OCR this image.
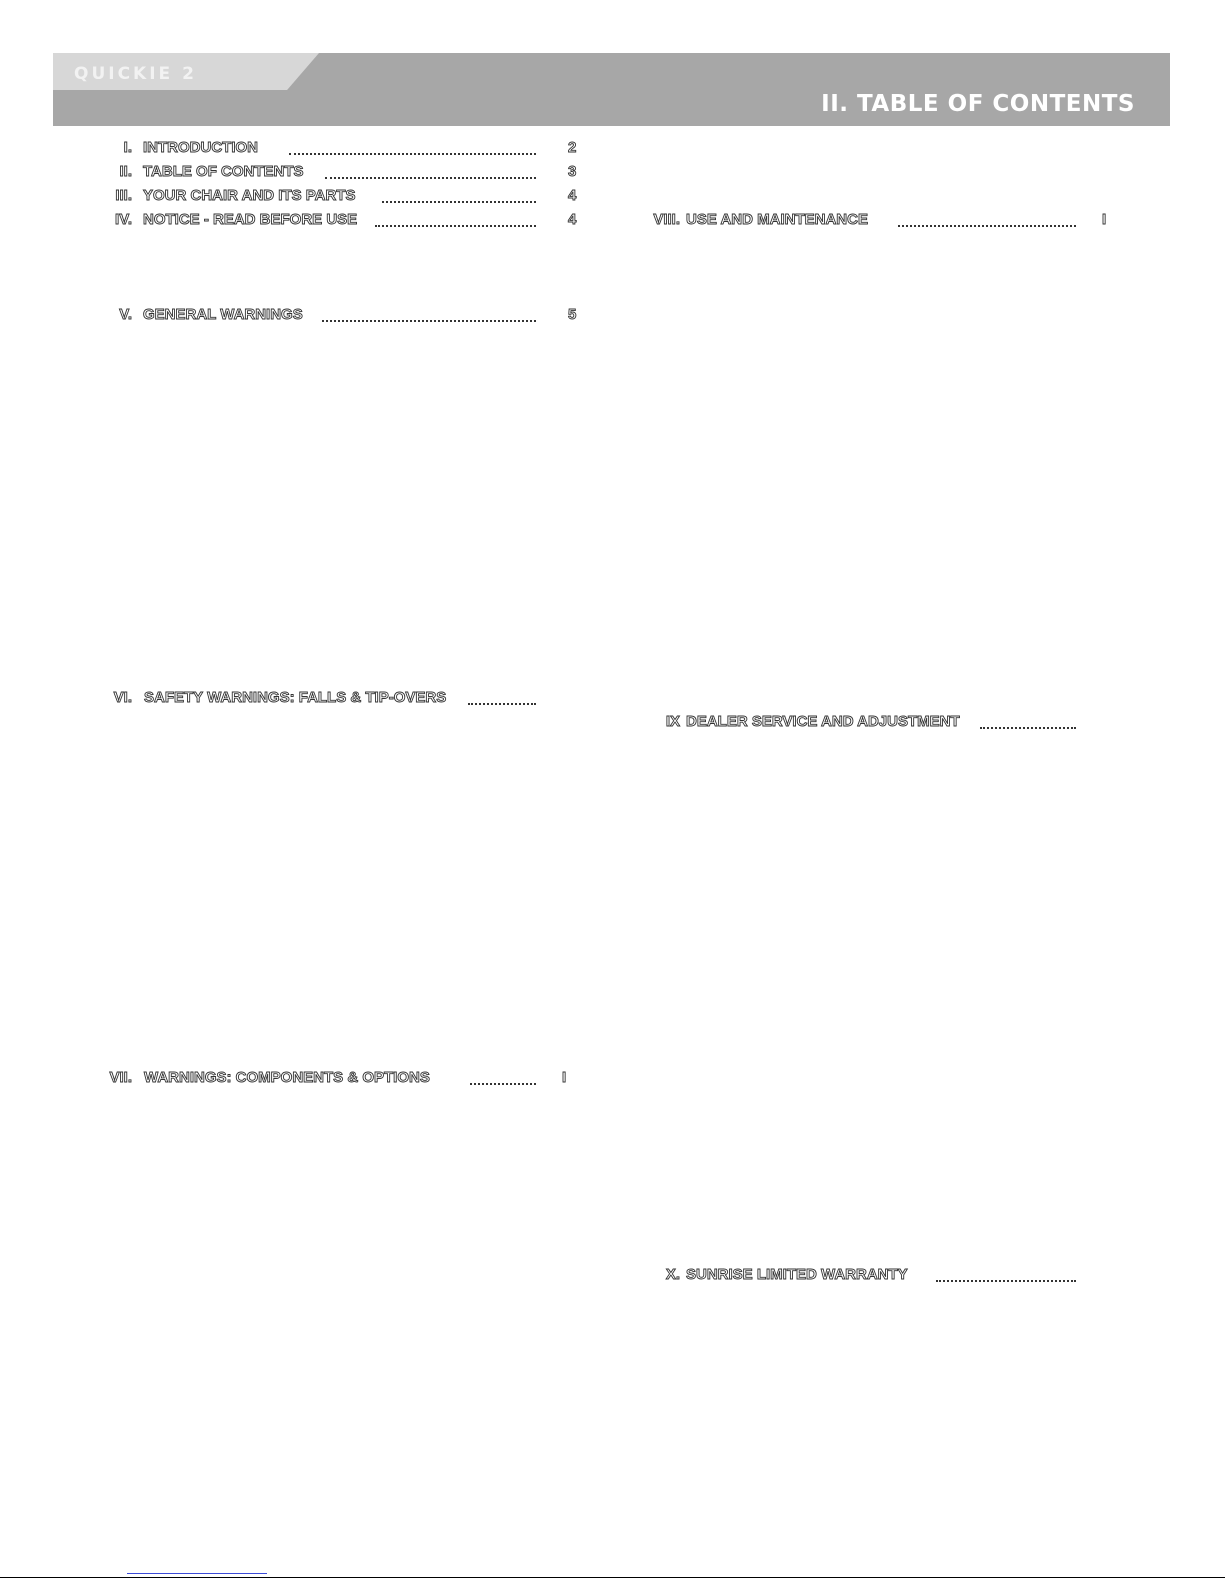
QUICKIE 2
II. TABLE OF CONTENTS
I. INTRODUCTION	2
II. TABLE OF CONTENTS	3
III. YOUR CHAIR AND ITS PARTS	4
IV. NOTICE - READ BEFORE USE	4
V. GENERAL WARNINGS	5
VI. SAFETY WARNINGS: FALLS & TIP-OVERS
VII. WARNINGS: COMPONENTS & OPTIONS	I
VIII. USE AND MAINTENANCE	I
IX DEALER SERVICE AND ADJUSTMENT
X. SUNRISE LIMITED WARRANTY
